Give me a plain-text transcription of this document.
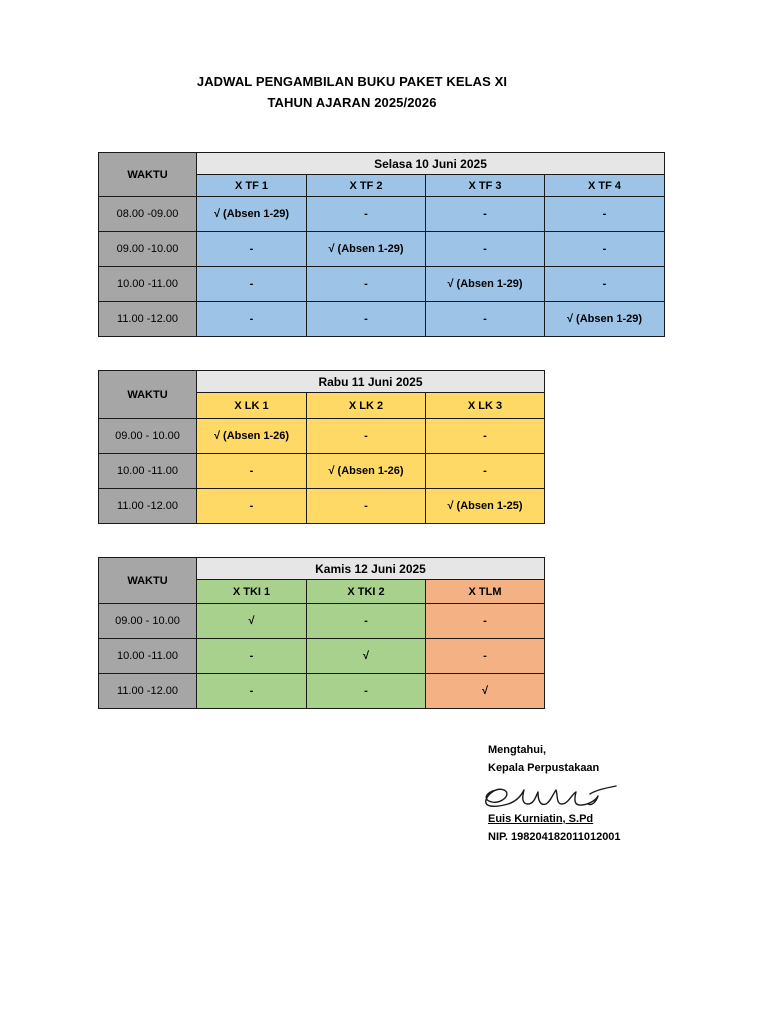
JADWAL PENGAMBILAN BUKU PAKET KELAS XI
TAHUN AJARAN 2025/2026
WAKTU	Selasa 10 Juni 2025			
	X TF 1	X TF 2	X TF 3	X TF 4
08.00 -09.00	√ (Absen 1-29)	-	-	-
09.00 -10.00	-	√ (Absen 1-29)	-	-
10.00 -11.00	-	-	√ (Absen 1-29)	-
11.00 -12.00	-	-	-	√ (Absen 1-29)
WAKTU	Rabu 11 Juni 2025		
	X LK 1	X LK 2	X LK 3
09.00 - 10.00	√ (Absen 1-26)	-	-
10.00 -11.00	-	√ (Absen 1-26)	-
11.00 -12.00	-	-	√ (Absen 1-25)
WAKTU	Kamis 12 Juni 2025		
	X TKI 1	X TKI 2	X TLM
09.00 - 10.00	√	-	-
10.00 -11.00	-	√	-
11.00 -12.00	-	-	√
Mengtahui,
Kepala Perpustakaan
Euis Kurniatin, S.Pd
NIP. 198204182011012001
